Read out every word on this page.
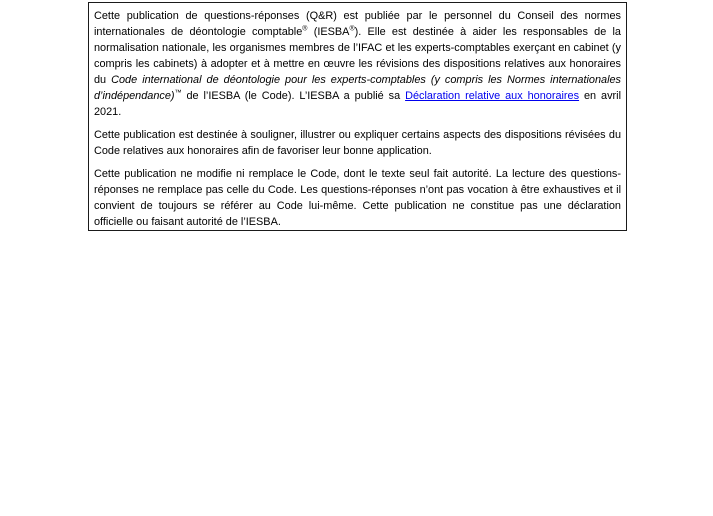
Cette publication de questions-réponses (Q&R) est publiée par le personnel du Conseil des normes internationales de déontologie comptable® (IESBA®). Elle est destinée à aider les responsables de la normalisation nationale, les organismes membres de l’IFAC et les experts-comptables exerçant en cabinet (y compris les cabinets) à adopter et à mettre en œuvre les révisions des dispositions relatives aux honoraires du Code international de déontologie pour les experts-comptables (y compris les Normes internationales d’indépendance)™ de l’IESBA (le Code). L’IESBA a publié sa Déclaration relative aux honoraires en avril 2021.

Cette publication est destinée à souligner, illustrer ou expliquer certains aspects des dispositions révisées du Code relatives aux honoraires afin de favoriser leur bonne application.

Cette publication ne modifie ni remplace le Code, dont le texte seul fait autorité. La lecture des questions-réponses ne remplace pas celle du Code. Les questions-réponses n’ont pas vocation à être exhaustives et il convient de toujours se référer au Code lui-même. Cette publication ne constitue pas une déclaration officielle ou faisant autorité de l’IESBA.
